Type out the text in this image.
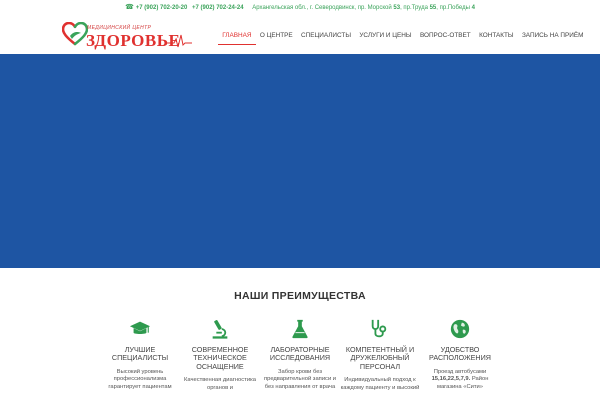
☎ +7 (902) 702-20-20 +7 (902) 702-24-24 Архангельская обл., г. Северодвинск, пр. Морской 53, пр.Труда 55, пр.Победы 4
МЕДИЦИНСКИЙ ЦЕНТР
ЗДОРОВЬЕ	ГЛАВНАЯ	О ЦЕНТРЕ	СПЕЦИАЛИСТЫ	УСЛУГИ И ЦЕНЫ	ВОПРОС-ОТВЕТ	КОНТАКТЫ	ЗАПИСЬ НА ПРИЁМ
НАШИ ПРЕИМУЩЕСТВА
ЛУЧШИЕ СПЕЦИАЛИСТЫ
Высокий уровень профессионализма гарантирует пациентам
СОВРЕМЕННОЕ ТЕХНИЧЕСКОЕ ОСНАЩЕНИЕ
Качественная диагностика органов и
ЛАБОРАТОРНЫЕ ИССЛЕДОВАНИЯ
Забор крови без предварительной записи и без направления от врача
КОМПЕТЕНТНЫЙ И ДРУЖЕЛЮБНЫЙ ПЕРСОНАЛ
Индивидуальный подход к каждому пациенту и высокий
УДОБСТВО РАСПОЛОЖЕНИЯ
Проезд автобусами 15,16,22,5,7,9. Район магазина «Сити»
